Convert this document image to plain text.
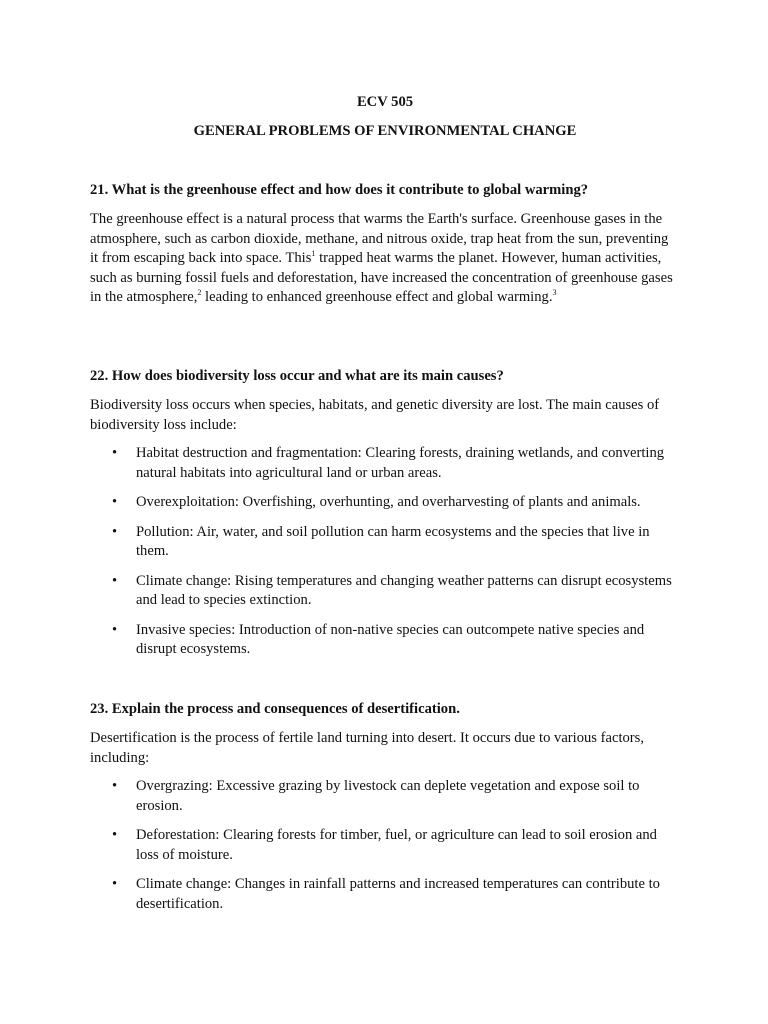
ECV 505

GENERAL PROBLEMS OF ENVIRONMENTAL CHANGE

21. What is the greenhouse effect and how does it contribute to global warming?

The greenhouse effect is a natural process that warms the Earth's surface. Greenhouse gases in the atmosphere, such as carbon dioxide, methane, and nitrous oxide, trap heat from the sun, preventing it from escaping back into space. This$^1$ trapped heat warms the planet. However, human activities, such as burning fossil fuels and deforestation, have increased the concentration of greenhouse gases in the atmosphere,$^2$ leading to enhanced greenhouse effect and global warming.$^3$

22. How does biodiversity loss occur and what are its main causes?

Biodiversity loss occurs when species, habitats, and genetic diversity are lost. The main causes of biodiversity loss include:

• Habitat destruction and fragmentation: Clearing forests, draining wetlands, and converting natural habitats into agricultural land or urban areas.
• Overexploitation: Overfishing, overhunting, and overharvesting of plants and animals.
• Pollution: Air, water, and soil pollution can harm ecosystems and the species that live in them.
• Climate change: Rising temperatures and changing weather patterns can disrupt ecosystems and lead to species extinction.
• Invasive species: Introduction of non-native species can outcompete native species and disrupt ecosystems.

23. Explain the process and consequences of desertification.

Desertification is the process of fertile land turning into desert. It occurs due to various factors, including:

• Overgrazing: Excessive grazing by livestock can deplete vegetation and expose soil to erosion.
• Deforestation: Clearing forests for timber, fuel, or agriculture can lead to soil erosion and loss of moisture.
• Climate change: Changes in rainfall patterns and increased temperatures can contribute to desertification.
